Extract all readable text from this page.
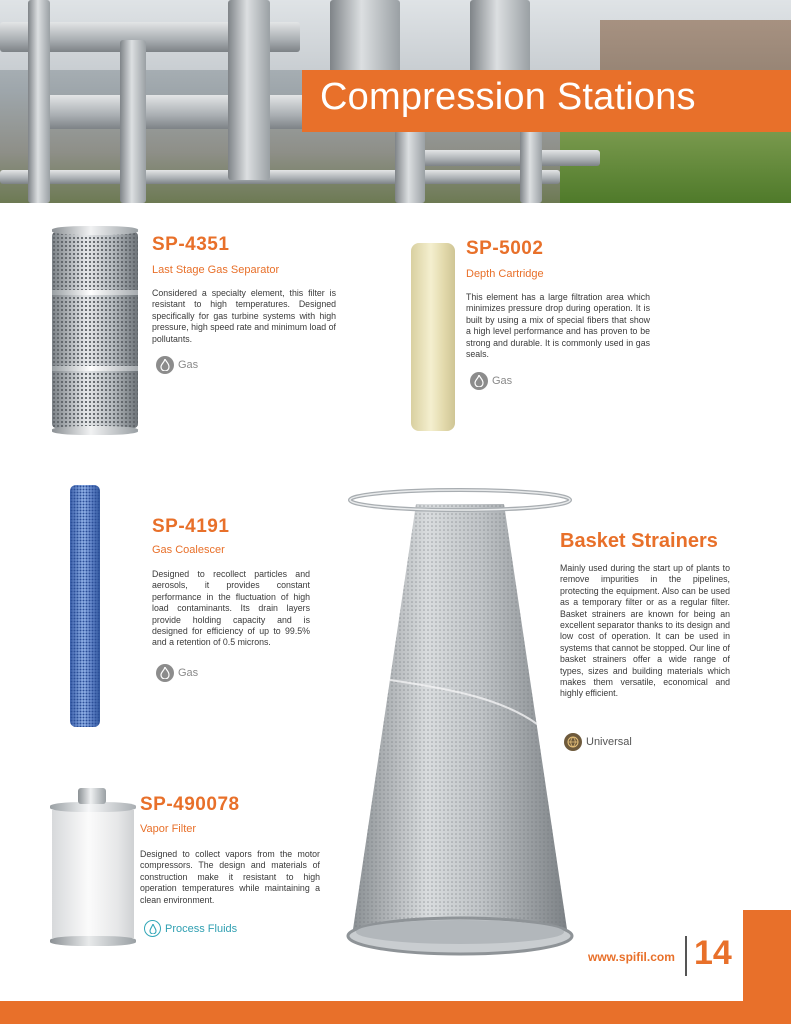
Compression Stations
SP-4351
Last Stage Gas Separator
Considered a specialty element, this filter is resistant to high temperatures. Designed specifically for gas turbine systems with high pressure, high speed rate and minimum load of pollutants.
Gas
SP-5002
Depth Cartridge
This element has a large filtration area which minimizes pressure drop during operation. It is built by using a mix of special fibers that show a high level performance and has proven to be strong and durable. It is commonly used in gas seals.
Gas
SP-4191
Gas Coalescer
Designed to recollect particles and aerosols, it provides constant performance in the fluctuation of high load contaminants. Its drain layers provide holding capacity and is designed for efficiency of up to 99.5% and a retention of 0.5 microns.
Gas
SP-490078
Vapor Filter
Designed to collect vapors from the motor compressors. The design and materials of construction make it resistant to high operation temperatures while maintaining a clean environment.
Process Fluids
Basket Strainers
Mainly used during the start up of plants to remove impurities in the pipelines, protecting the equipment. Also can be used as a temporary filter or as a regular filter. Basket strainers are known for being an excellent separator thanks to its design and low cost of operation. It can be used in systems that cannot be stopped. Our line of basket strainers offer a wide range of types, sizes and building materials which makes them versatile, economical and highly efficient.
Universal
www.spifil.com 14
